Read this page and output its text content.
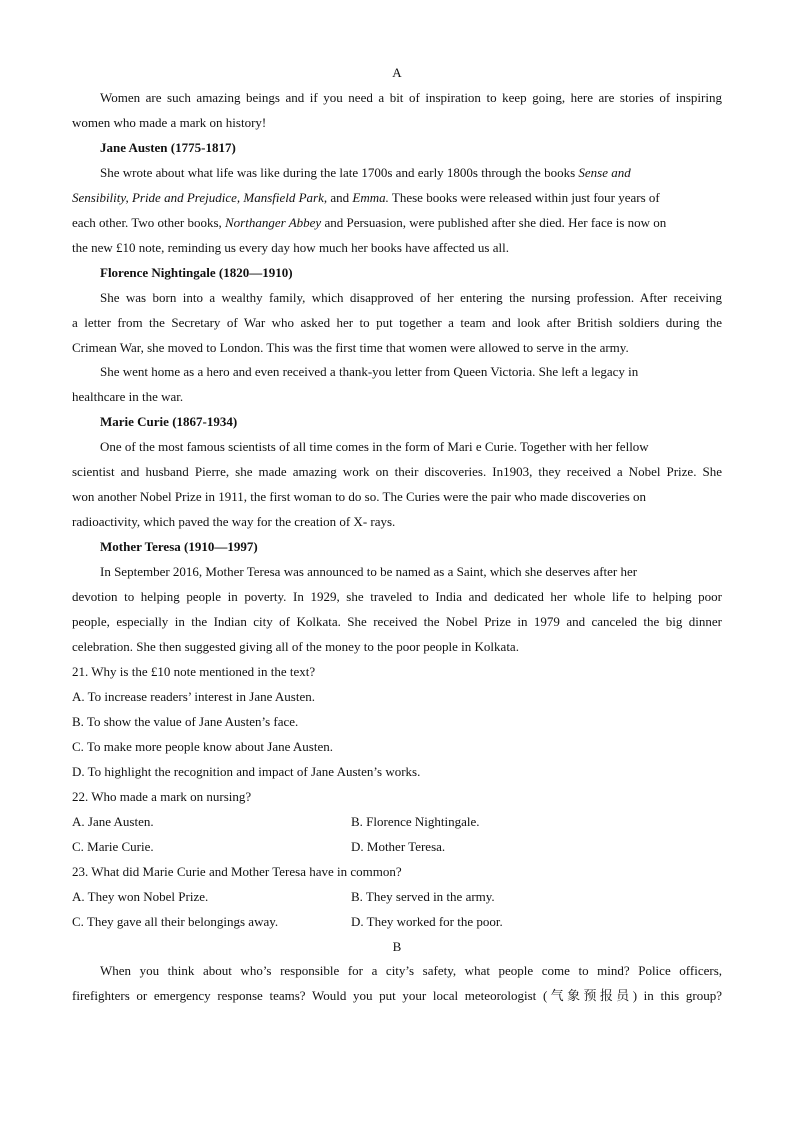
A
Women are such amazing beings and if you need a bit of inspiration to keep going, here are stories of inspiring
women who made a mark on history!
Jane Austen (1775-1817)
She wrote about what life was like during the late 1700s and early 1800s through the books Sense and
Sensibility, Pride and Prejudice, Mansfield Park, and Emma. These books were released within just four years of
each other. Two other books, Northanger Abbey and Persuasion, were published after she died. Her face is now on
the new £10 note, reminding us every day how much her books have affected us all.
Florence Nightingale (1820—1910)
She was born into a wealthy family, which disapproved of her entering the nursing profession. After receiving
a letter from the Secretary of War who asked her to put together a team and look after British soldiers during the
Crimean War, she moved to London. This was the first time that women were allowed to serve in the army.
She went home as a hero and even received a thank-you letter from Queen Victoria. She left a legacy in
healthcare in the war.
Marie Curie (1867-1934)
One of the most famous scientists of all time comes in the form of Mari e Curie. Together with her fellow
scientist and husband Pierre, she made amazing work on their discoveries. In1903, they received a Nobel Prize. She
won another Nobel Prize in 1911, the first woman to do so. The Curies were the pair who made discoveries on
radioactivity, which paved the way for the creation of X- rays.
Mother Teresa (1910—1997)
In September 2016, Mother Teresa was announced to be named as a Saint, which she deserves after her
devotion to helping people in poverty. In 1929, she traveled to India and dedicated her whole life to helping poor
people, especially in the Indian city of Kolkata. She received the Nobel Prize in 1979 and canceled the big dinner
celebration. She then suggested giving all of the money to the poor people in Kolkata.
21. Why is the £10 note mentioned in the text?
A. To increase readers’ interest in Jane Austen.
B. To show the value of Jane Austen’s face.
C. To make more people know about Jane Austen.
D. To highlight the recognition and impact of Jane Austen’s works.
22. Who made a mark on nursing?
A. Jane Austen.	B. Florence Nightingale.
C. Marie Curie.	D. Mother Teresa.
23. What did Marie Curie and Mother Teresa have in common?
A. They won Nobel Prize.	B. They served in the army.
C. They gave all their belongings away.	D. They worked for the poor.
B
When you think about who’s responsible for a city’s safety, what people come to mind? Police officers,
firefighters or emergency response teams? Would you put your local meteorologist (气象预报员) in this group?
